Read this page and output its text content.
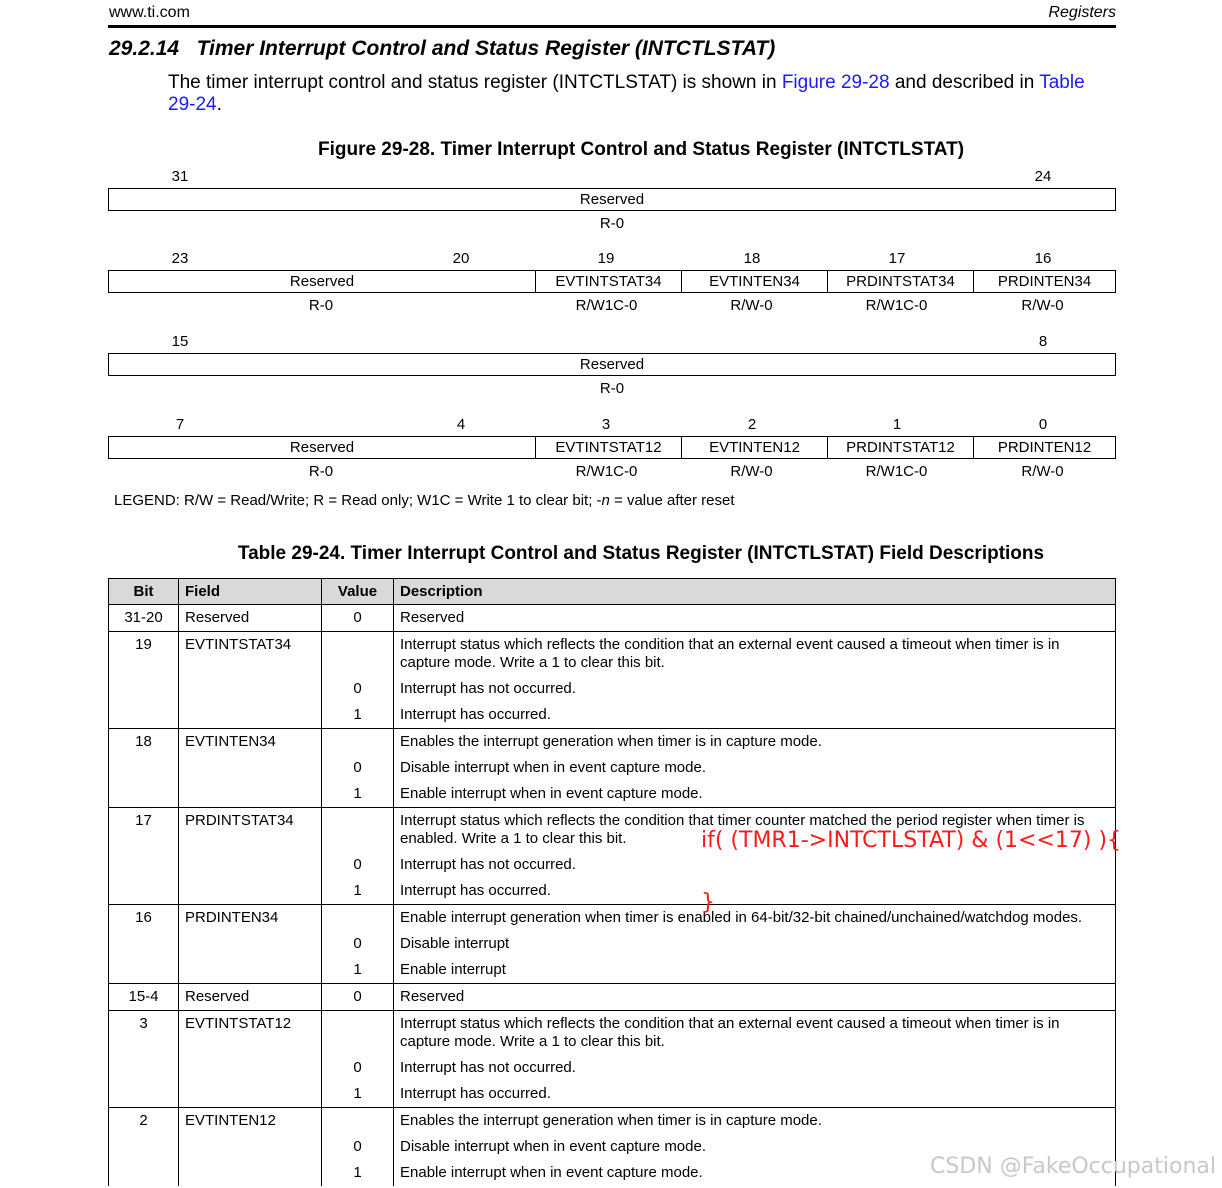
www.ti.com	Registers
29.2.14   Timer Interrupt Control and Status Register (INTCTLSTAT)
The timer interrupt control and status register (INTCTLSTAT) is shown in Figure 29-28 and described in Table 29-24.
Figure 29-28. Timer Interrupt Control and Status Register (INTCTLSTAT)
31	24
Reserved
R-0
23	20	19	18	17	16
Reserved	EVTINTSTAT34	EVTINTEN34	PRDINTSTAT34	PRDINTEN34
R-0	R/W1C-0	R/W-0	R/W1C-0	R/W-0
15	8
Reserved
R-0
7	4	3	2	1	0
Reserved	EVTINTSTAT12	EVTINTEN12	PRDINTSTAT12	PRDINTEN12
R-0	R/W1C-0	R/W-0	R/W1C-0	R/W-0
LEGEND: R/W = Read/Write; R = Read only; W1C = Write 1 to clear bit; -n = value after reset
Table 29-24. Timer Interrupt Control and Status Register (INTCTLSTAT) Field Descriptions
Bit	Field	Value	Description
31-20	Reserved	0	Reserved
19	EVTINTSTAT34		Interrupt status which reflects the condition that an external event caused a timeout when timer is in capture mode. Write a 1 to clear this bit.
		0	Interrupt has not occurred.
		1	Interrupt has occurred.
18	EVTINTEN34		Enables the interrupt generation when timer is in capture mode.
		0	Disable interrupt when in event capture mode.
		1	Enable interrupt when in event capture mode.
17	PRDINTSTAT34		Interrupt status which reflects the condition that timer counter matched the period register when timer is enabled. Write a 1 to clear this bit.
		0	Interrupt has not occurred.
		1	Interrupt has occurred.
16	PRDINTEN34		Enable interrupt generation when timer is enabled in 64-bit/32-bit chained/unchained/watchdog modes.
		0	Disable interrupt
		1	Enable interrupt
15-4	Reserved	0	Reserved
3	EVTINTSTAT12		Interrupt status which reflects the condition that an external event caused a timeout when timer is in capture mode. Write a 1 to clear this bit.
		0	Interrupt has not occurred.
		1	Interrupt has occurred.
2	EVTINTEN12		Enables the interrupt generation when timer is in capture mode.
		0	Disable interrupt when in event capture mode.
		1	Enable interrupt when in event capture mode.
if( (TMR1->INTCTLSTAT) & (1<<17) ){
}
CSDN @FakeOccupational
